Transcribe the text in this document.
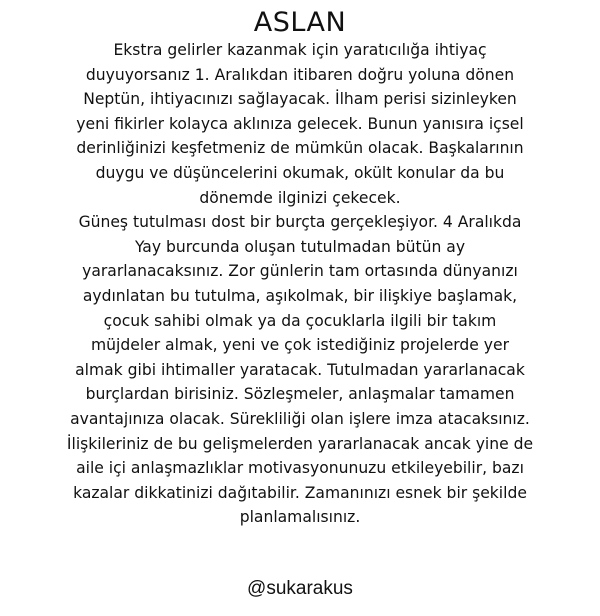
ASLAN
Ekstra gelirler kazanmak için yaratıcılığa ihtiyaç
duyuyorsanız 1. Aralıkdan itibaren doğru yoluna dönen
Neptün, ihtiyacınızı sağlayacak. İlham perisi sizinleyken
yeni fikirler kolayca aklınıza gelecek. Bunun yanısıra içsel
derinliğinizi keşfetmeniz de mümkün olacak. Başkalarının
duygu ve düşüncelerini okumak, okült konular da bu
dönemde ilginizi çekecek.
Güneş tutulması dost bir burçta gerçekleşiyor. 4 Aralıkda
Yay burcunda oluşan tutulmadan bütün ay
yararlanacaksınız. Zor günlerin tam ortasında dünyanızı
aydınlatan bu tutulma, aşıkolmak, bir ilişkiye başlamak,
çocuk sahibi olmak ya da çocuklarla ilgili bir takım
müjdeler almak, yeni ve çok istediğiniz projelerde yer
almak gibi ihtimaller yaratacak. Tutulmadan yararlanacak
burçlardan birisiniz. Sözleşmeler, anlaşmalar tamamen
avantajınıza olacak. Sürekliliği olan işlere imza atacaksınız.
İlişkileriniz de bu gelişmelerden yararlanacak ancak yine de
aile içi anlaşmazlıklar motivasyonunuzu etkileyebilir, bazı
kazalar dikkatinizi dağıtabilir. Zamanınızı esnek bir şekilde
planlamalısınız.
@sukarakus
